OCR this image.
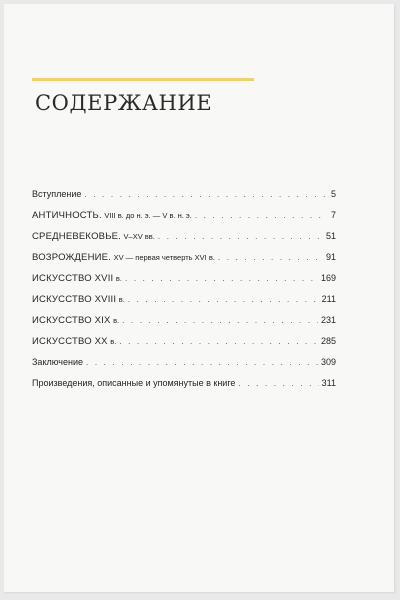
СОДЕРЖАНИЕ
Вступление . . .	5
АНТИЧНОСТЬ. VIII в. до н. э. — V в. н. э. . . .	7
СРЕДНЕВЕКОВЬЕ. V–XV вв. . . .	51
ВОЗРОЖДЕНИЕ. XV — первая четверть XVI в. . . .	91
ИСКУССТВО XVII в. . . .	169
ИСКУССТВО XVIII в. . . .	211
ИСКУССТВО XIX в. . . .	231
ИСКУССТВО XX в. . . .	285
Заключение . . .	309
Произведения, описанные и упомянутые в книге . . .	311
